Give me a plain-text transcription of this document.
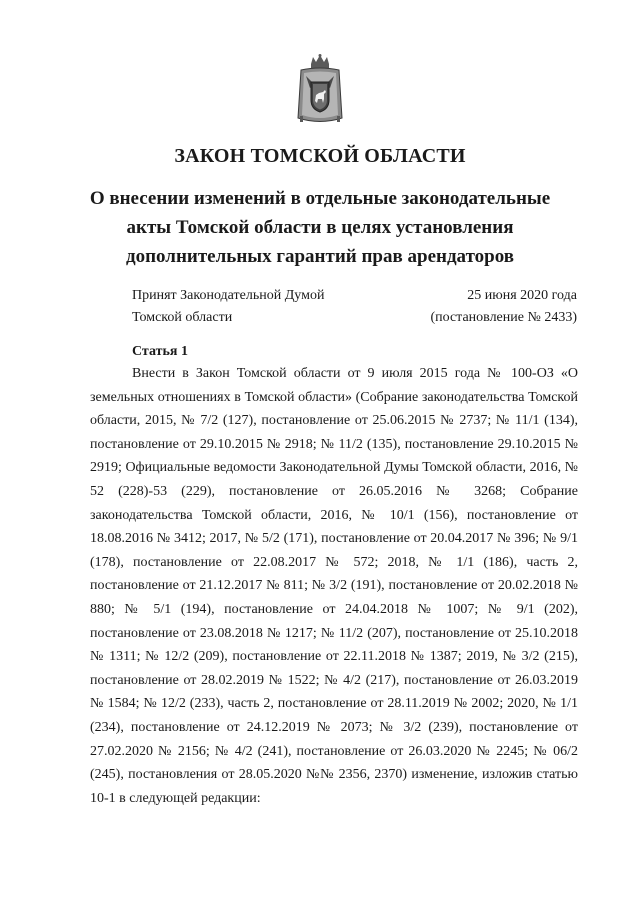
ЗАКОН ТОМСКОЙ ОБЛАСТИ
О внесении изменений в отдельные законодательные
акты Томской области в целях установления
дополнительных гарантий прав арендаторов
Принят Законодательной Думой	25 июня 2020 года
Томской области	(постановление № 2433)
Статья 1

Внести в Закон Томской области от 9 июля 2015 года № 100-ОЗ «О земельных отношениях в Томской области» (Собрание законодательства Томской области, 2015, № 7/2 (127), постановление от 25.06.2015 № 2737; № 11/1 (134), постановление от 29.10.2015 № 2918; № 11/2 (135), постановление 29.10.2015 № 2919; Официальные ведомости Законодательной Думы Томской области, 2016, № 52 (228)-53 (229), постановление от 26.05.2016 № 3268; Собрание законодательства Томской области, 2016, № 10/1 (156), постановление от 18.08.2016 № 3412; 2017, № 5/2 (171), постановление от 20.04.2017 № 396; № 9/1 (178), постановление от 22.08.2017 № 572; 2018, № 1/1 (186), часть 2, постановление от 21.12.2017 № 811; № 3/2 (191), постановление от 20.02.2018 № 880; № 5/1 (194), постановление от 24.04.2018 № 1007; № 9/1 (202), постановление от 23.08.2018 № 1217; № 11/2 (207), постановление от 25.10.2018 № 1311; № 12/2 (209), постановление от 22.11.2018 № 1387; 2019, № 3/2 (215), постановление от 28.02.2019 № 1522; № 4/2 (217), постановление от 26.03.2019 № 1584; № 12/2 (233), часть 2, постановление от 28.11.2019 № 2002; 2020, № 1/1 (234), постановление от 24.12.2019 № 2073; № 3/2 (239), постановление от 27.02.2020 № 2156; № 4/2 (241), постановление от 26.03.2020 № 2245; № 06/2 (245), постановления от 28.05.2020 №№ 2356, 2370) изменение, изложив статью 10-1 в следующей редакции:
